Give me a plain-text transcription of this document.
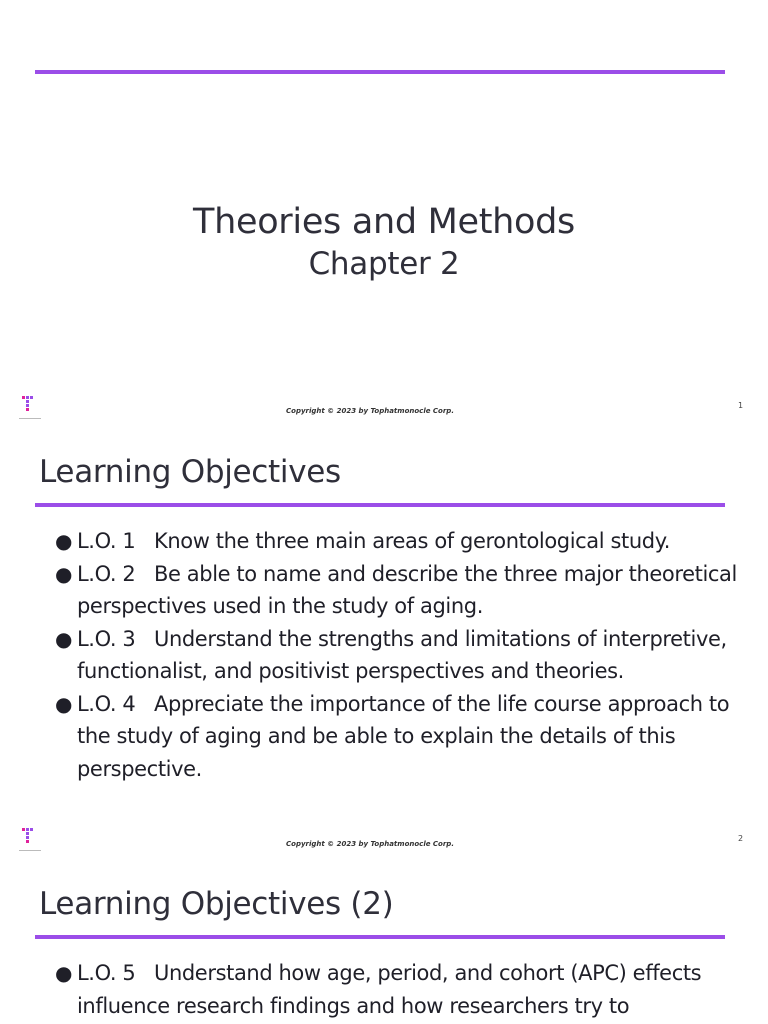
Theories and Methods
Chapter 2
Copyright © 2023 by Tophatmonocle Corp.
1
Learning Objectives
● L.O. 1 Know the three main areas of gerontological study.
● L.O. 2 Be able to name and describe the three major theoretical perspectives used in the study of aging.
● L.O. 3 Understand the strengths and limitations of interpretive, functionalist, and positivist perspectives and theories.
● L.O. 4 Appreciate the importance of the life course approach to the study of aging and be able to explain the details of this perspective.
Copyright © 2023 by Tophatmonocle Corp.
2
Learning Objectives (2)
● L.O. 5 Understand how age, period, and cohort (APC) effects influence research findings and how researchers try to
